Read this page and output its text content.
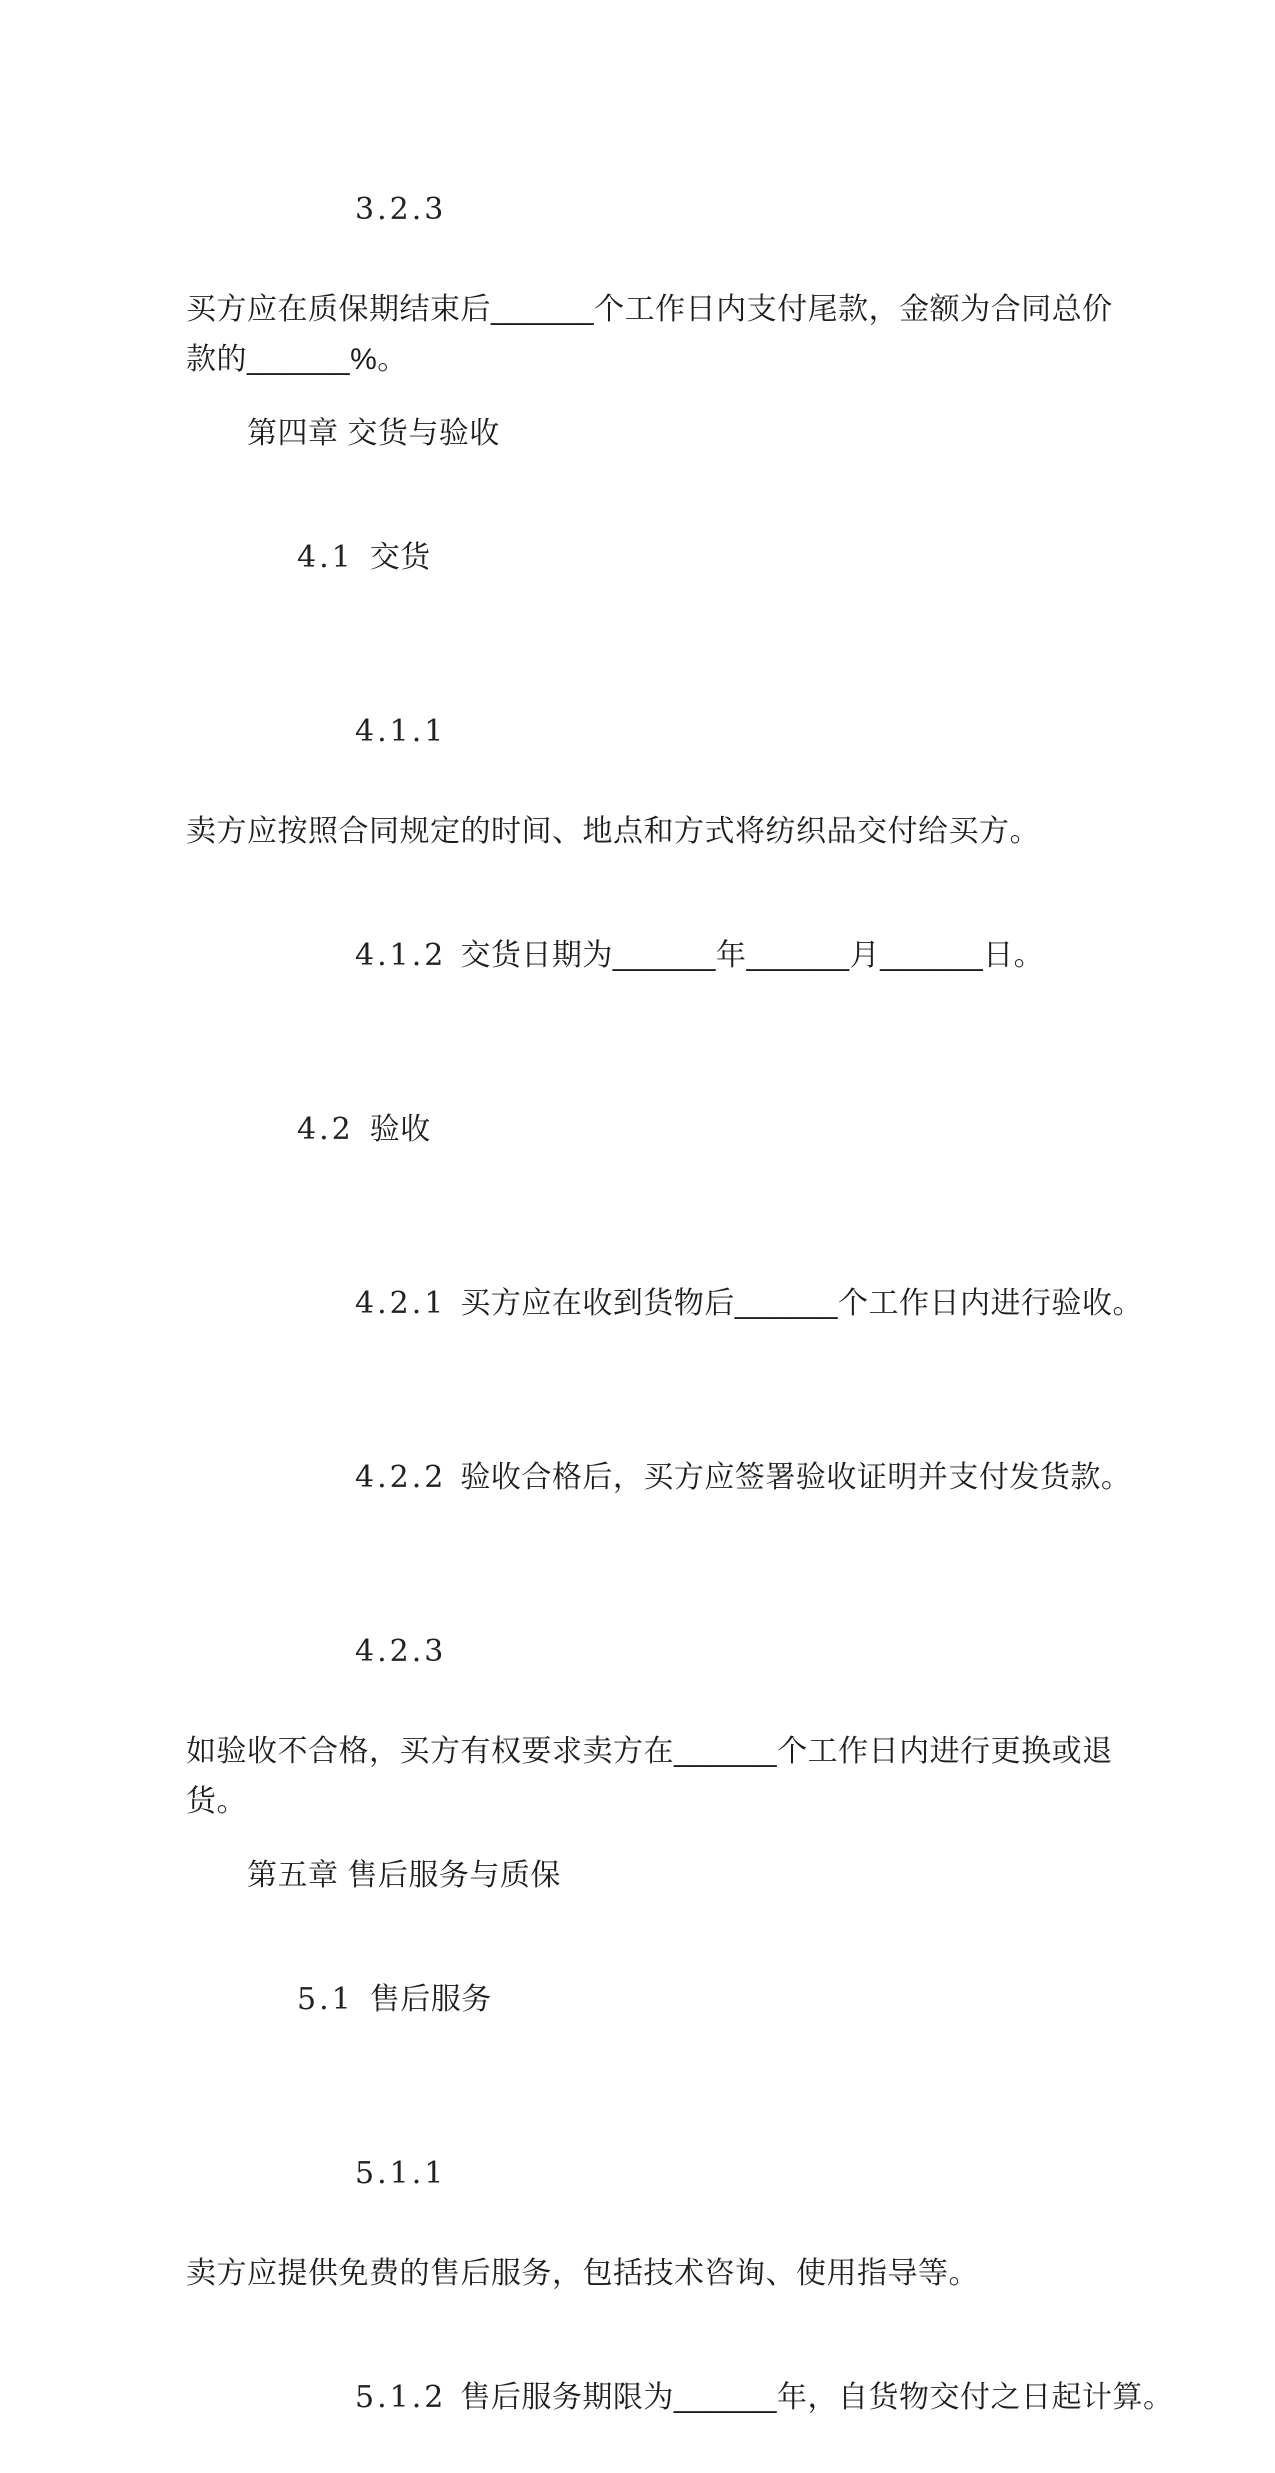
3.2.3

买方应在质保期结束后______个工作日内支付尾款，金额为合同总价
款的______%。
第四章 交货与验收

4.1 交货

4.1.1

卖方应按照合同规定的时间、地点和方式将纺织品交付给买方。

4.1.2 交货日期为______年______月______日。

4.2 验收

4.2.1 买方应在收到货物后______个工作日内进行验收。

4.2.2 验收合格后，买方应签署验收证明并支付发货款。

4.2.3

如验收不合格，买方有权要求卖方在______个工作日内进行更换或退
货。
第五章 售后服务与质保

5.1 售后服务

5.1.1

卖方应提供免费的售后服务，包括技术咨询、使用指导等。

5.1.2 售后服务期限为______年，自货物交付之日起计算。
